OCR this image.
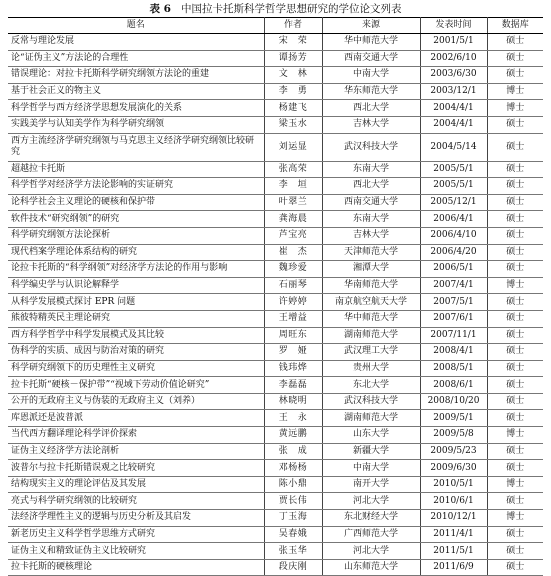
表 6 中国拉卡托斯科学哲学思想研究的学位论文列表
题名	作者	来源	发表时间	数据库
反常与理论发展	宋　荣	华中师范大学	2001/5/1	硕士
论“证伪主义”方法论的合理性	谭扬芳	西南交通大学	2002/6/10	硕士
错误理论：对拉卡托斯科学研究纲领方法论的重建	文　林	中南大学	2003/6/30	硕士
基于社会正义的物主义	李　勇	华东师范大学	2003/12/1	博士
科学哲学与西方经济学思想发展演化的关系	杨建飞	西北大学	2004/4/1	博士
实践美学与认知美学作为科学研究纲领	梁玉水	吉林大学	2004/4/1	硕士
西方主流经济学研究纲领与马克思主义经济学研究纲领比较研究	刘运显	武汉科技大学	2004/5/14	硕士
超越拉卡托斯	张高荣	东南大学	2005/5/1	硕士
科学哲学对经济学方法论影响的实证研究	李　垣	西北大学	2005/5/1	硕士
论科学社会主义理论的硬核和保护带	叶翠兰	西南交通大学	2005/12/1	硕士
软件技术“研究纲领”的研究	龚海晨	东南大学	2006/4/1	硕士
科学研究纲领方法论探析	芦宝亮	吉林大学	2006/4/10	硕士
现代档案学理论体系结构的研究	崔　杰	天津师范大学	2006/4/20	硕士
论拉卡托斯的“科学纲领”对经济学方法论的作用与影响	魏珍爱	湘潭大学	2006/5/1	硕士
科学编史学与认识论解释学	石丽琴	华南师范大学	2007/4/1	博士
从科学发展模式探讨 EPR 问题	许婷婷	南京航空航天大学	2007/5/1	硕士
熊彼特精英民主理论研究	王增益	华中师范大学	2007/6/1	硕士
西方科学哲学中科学发展模式及其比较	周旺东	湖南师范大学	2007/11/1	硕士
伪科学的实质、成因与防治对策的研究	罗　娅	武汉理工大学	2008/4/1	硕士
科学研究纲领下的历史理性主义研究	钱玮烨	贵州大学	2008/5/1	硕士
拉卡托斯“硬核－保护带”“视域下劳动价值论研究”	李磊磊	东北大学	2008/6/1	硕士
公开的无政府主义与伪装的无政府主义（刘养）	林晓明	武汉科技大学	2008/10/20	硕士
库恩派还是波普派	王　永	湖南师范大学	2009/5/1	硕士
当代西方翻译理论科学评价探索	黄远鹏	山东大学	2009/5/8	博士
证伪主义经济学方法论剖析	张　成	新疆大学	2009/5/23	硕士
波普尔与拉卡托斯错误观之比较研究	邓杨杨	中南大学	2009/6/30	硕士
结构现实主义的理论评估及其发展	陈小鼎	南开大学	2010/5/1	博士
亮式与科学研究纲领的比较研究	贾长伟	河北大学	2010/6/1	硕士
法经济学理性主义的逻辑与历史分析及其启发	丁玉海	东北财经大学	2010/12/1	博士
新老历史主义科学哲学思维方式研究	吴春娥	广西师范大学	2011/4/1	硕士
证伪主义和精致证伪主义比较研究	张玉华	河北大学	2011/5/1	硕士
拉卡托斯的硬核理论	段庆刚	山东师范大学	2011/6/9	硕士
